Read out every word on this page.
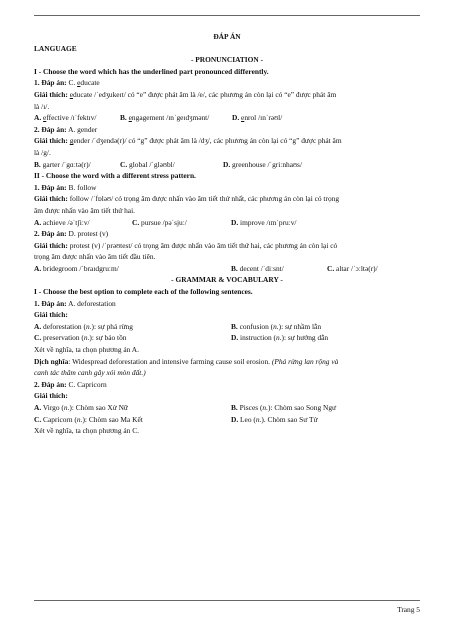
ĐÁP ÁN
LANGUAGE
- PRONUNCIATION -
I - Choose the word which has the underlined part pronounced differently.
1. Đáp án: C. educate
Giải thích: educate /ˈedʒukeɪt/ có “e” được phát âm là /e/, các phương án còn lại có “e” được phát âm
là /ɪ/.
A. effective /ɪˈfektɪv/	B. engagement /ɪnˈgeɪdʒmənt/	D. enrol /ɪnˈrəʊl/
2. Đáp án: A. gender
Giải thích: gender /ˈdʒendə(r)/ có “g” được phát âm là /dʒ/, các phương án còn lại có “g” được phát âm
là /g/.
B. garter /ˈgɑːtə(r)/	C. global /ˈgləʊbl/	D. greenhouse /ˈgriːnhaʊs/
II - Choose the word with a different stress pattern.
1. Đáp án: B. follow
Giải thích: follow /ˈfɒləʊ/ có trọng âm được nhấn vào âm tiết thứ nhất, các phương án còn lại có trọng
âm được nhấn vào âm tiết thứ hai.
A. achieve /əˈtʃiːv/	C. pursue /pəˈsjuː/	D. improve /ɪmˈpruːv/
2. Đáp án: D. protest (v)
Giải thích: protest (v) /ˈprəʊtest/ có trọng âm được nhấn vào âm tiết thứ hai, các phương án còn lại có
trọng âm được nhấn vào âm tiết đầu tiên.
A. bridegroom /ˈbraɪdgruːm/	B. decent /ˈdiːsnt/	C. altar /ˈɔːltə(r)/
- GRAMMAR & VOCABULARY -
I - Choose the best option to complete each of the following sentences.
1. Đáp án: A. deforestation
Giải thích:
A. deforestation (n.): sự phá rừng	B. confusion (n.): sự nhầm lẫn
C. preservation (n.): sự bảo tồn	D. instruction (n.): sự hướng dẫn
Xét về nghĩa, ta chọn phương án A.
Dịch nghĩa: Widespread deforestation and intensive farming cause soil erosion. (Phá rừng lan rộng và
canh tác thâm canh gây xói mòn đất.)
2. Đáp án: C. Capricorn
Giải thích:
A. Virgo (n.): Chòm sao Xử Nữ	B. Pisces (n.): Chòm sao Song Ngư
C. Capricorn (n.): Chòm sao Ma Kết	D. Leo (n.). Chòm sao Sư Tử
Xét về nghĩa, ta chọn phương án C.
Trang 5
